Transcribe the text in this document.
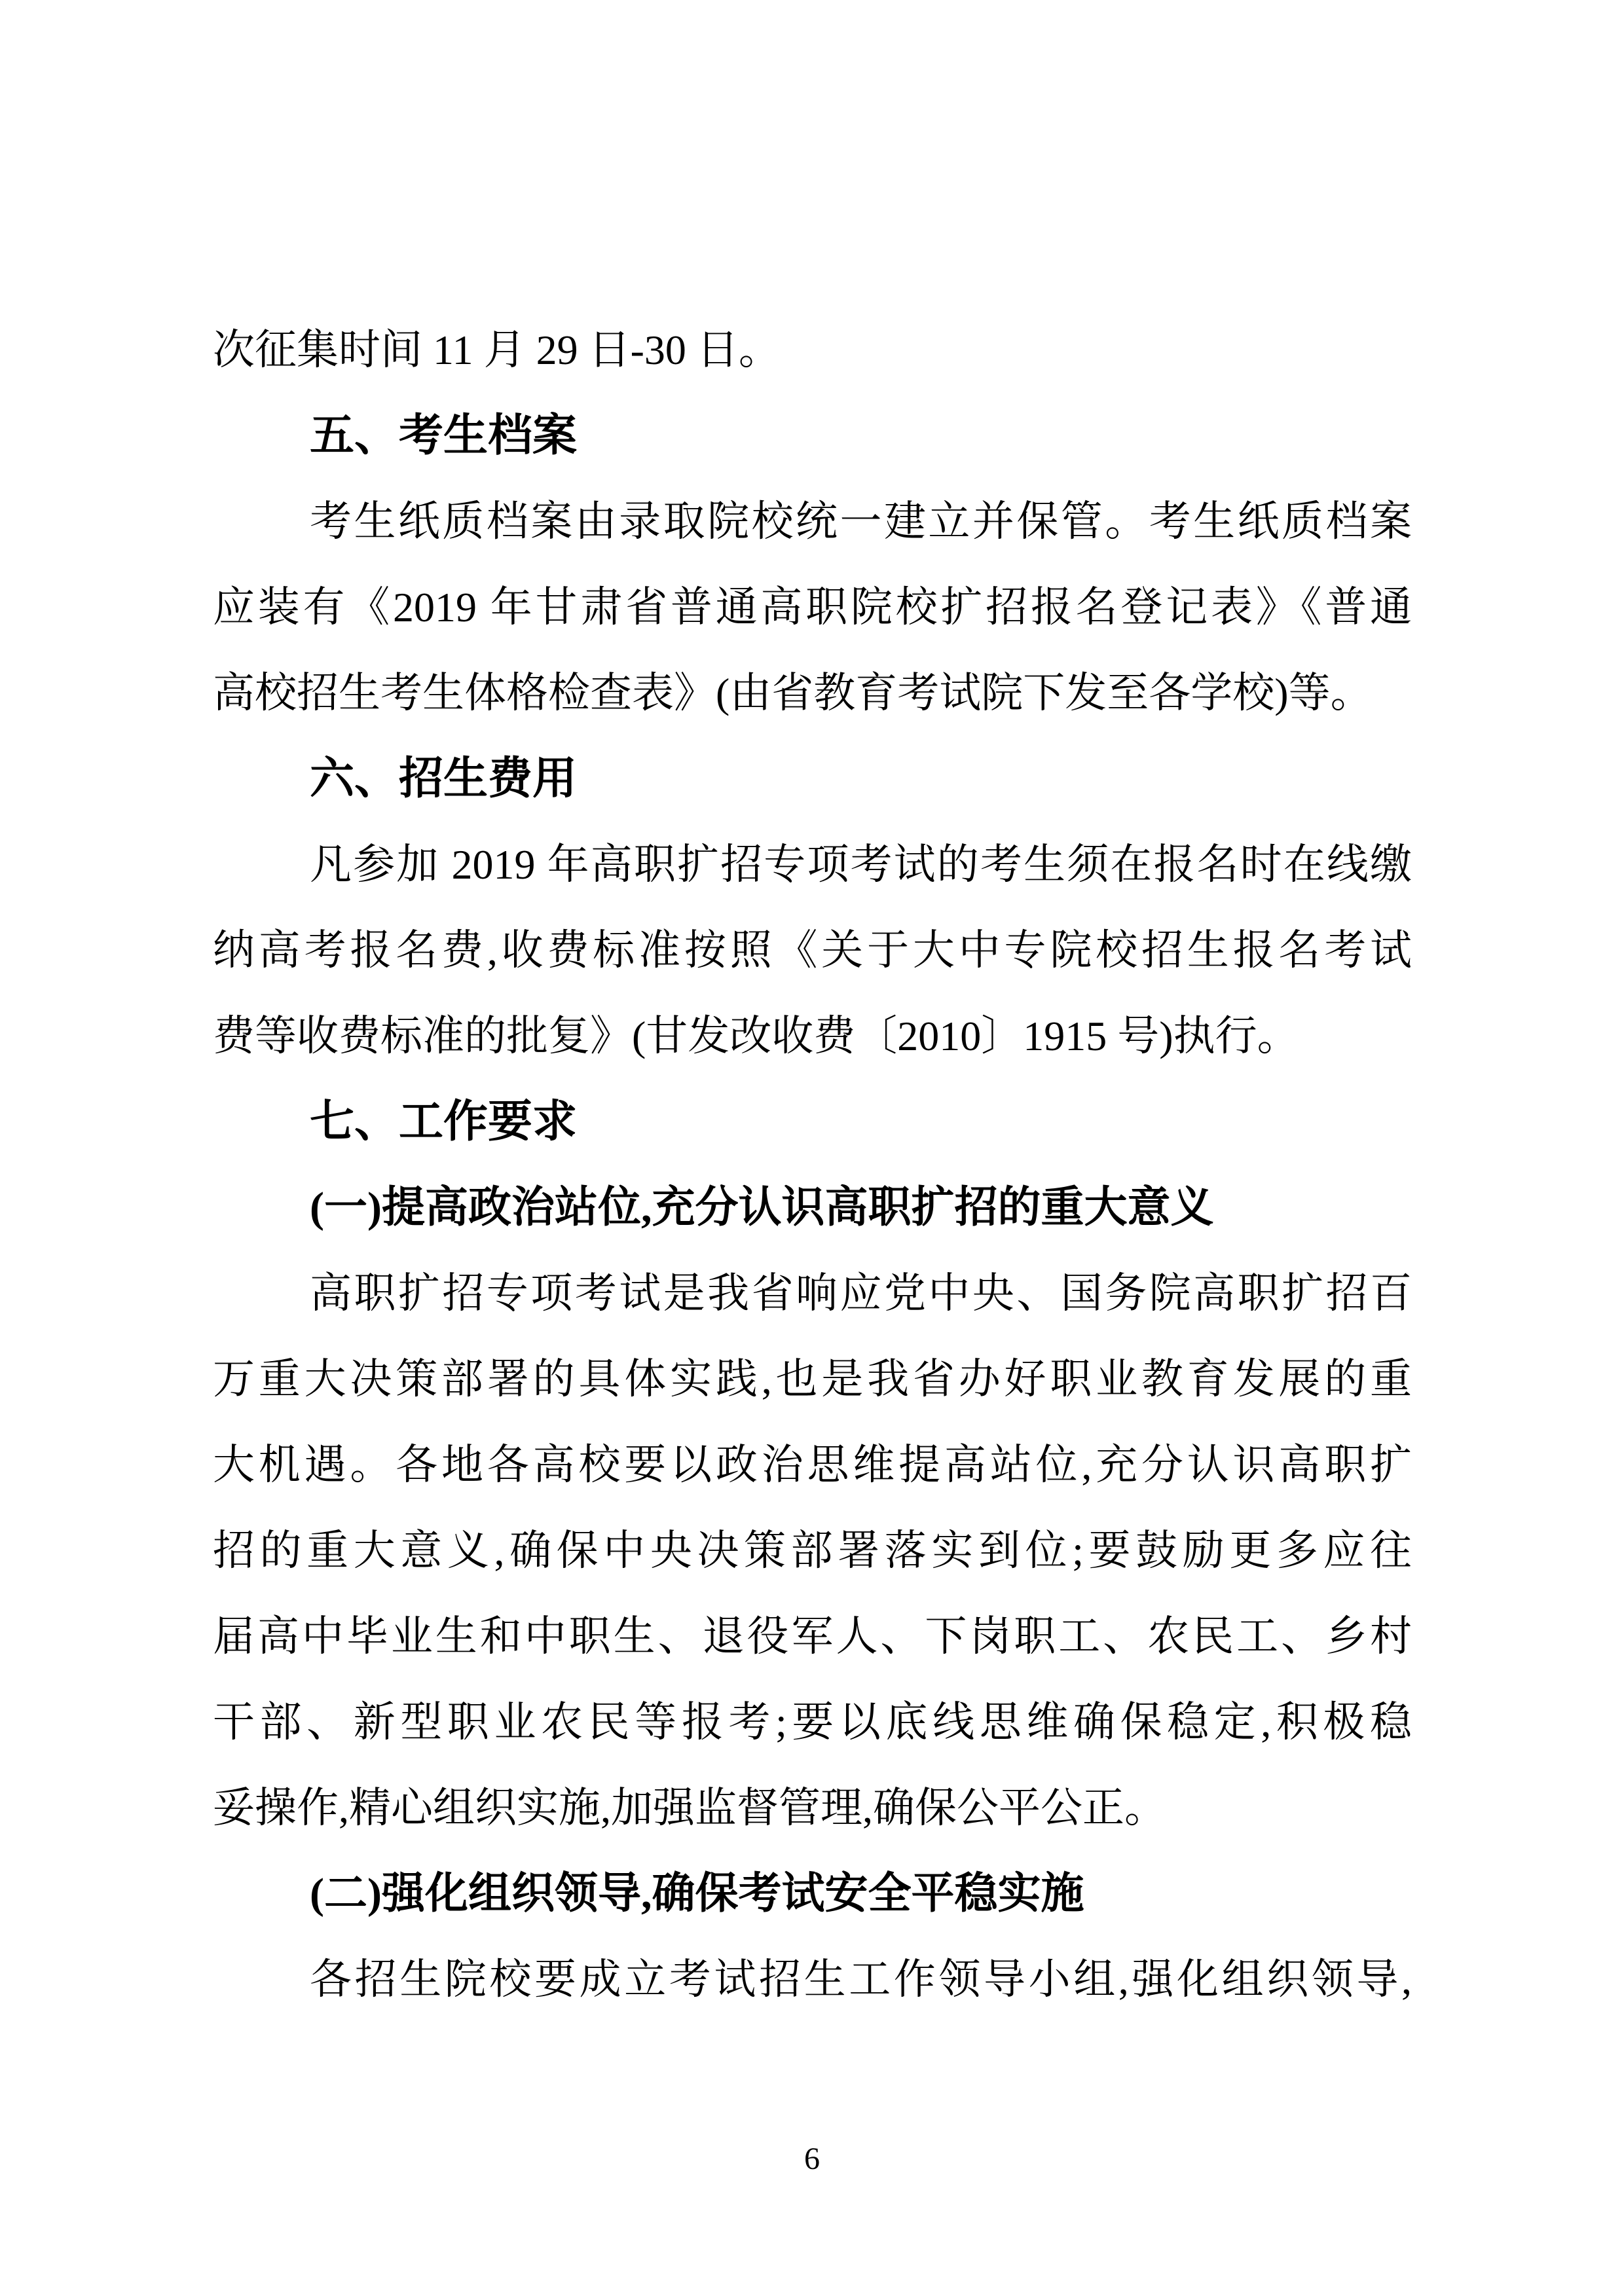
次征集时间 11 月 29 日-30 日。
五、考生档案
考生纸质档案由录取院校统一建立并保管。考生纸质档案
应装有《2019 年甘肃省普通高职院校扩招报名登记表》《普通
高校招生考生体格检查表》(由省教育考试院下发至各学校)等。
六、招生费用
凡参加 2019 年高职扩招专项考试的考生须在报名时在线缴
纳高考报名费,收费标准按照《关于大中专院校招生报名考试
费等收费标准的批复》(甘发改收费〔2010〕1915 号)执行。
七、工作要求
(一)提高政治站位,充分认识高职扩招的重大意义
高职扩招专项考试是我省响应党中央、国务院高职扩招百
万重大决策部署的具体实践,也是我省办好职业教育发展的重
大机遇。各地各高校要以政治思维提高站位,充分认识高职扩
招的重大意义,确保中央决策部署落实到位;要鼓励更多应往
届高中毕业生和中职生、退役军人、下岗职工、农民工、乡村
干部、新型职业农民等报考;要以底线思维确保稳定,积极稳
妥操作,精心组织实施,加强监督管理,确保公平公正。
(二)强化组织领导,确保考试安全平稳实施
各招生院校要成立考试招生工作领导小组,强化组织领导,
6
